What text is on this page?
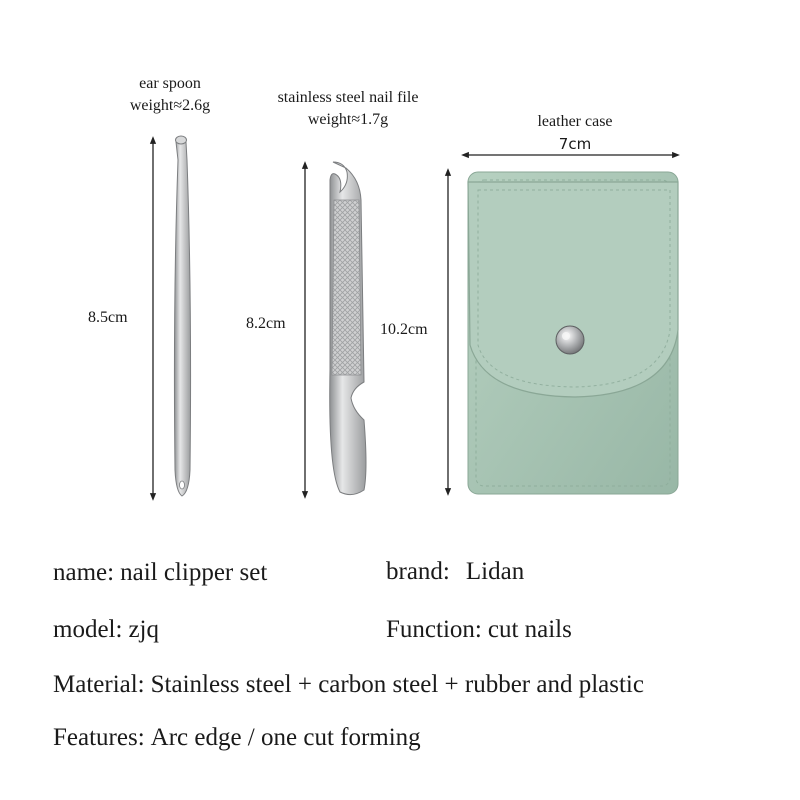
ear spoon
weight≈2.6g	stainless steel nail file
weight≈1.7g	leather case
7cm
8.5cm	8.2cm	10.2cm
name: nail clipper set	brand: Lidan
model: zjq	Function: cut nails
Material: Stainless steel + carbon steel + rubber and plastic
Features: Arc edge / one cut forming
